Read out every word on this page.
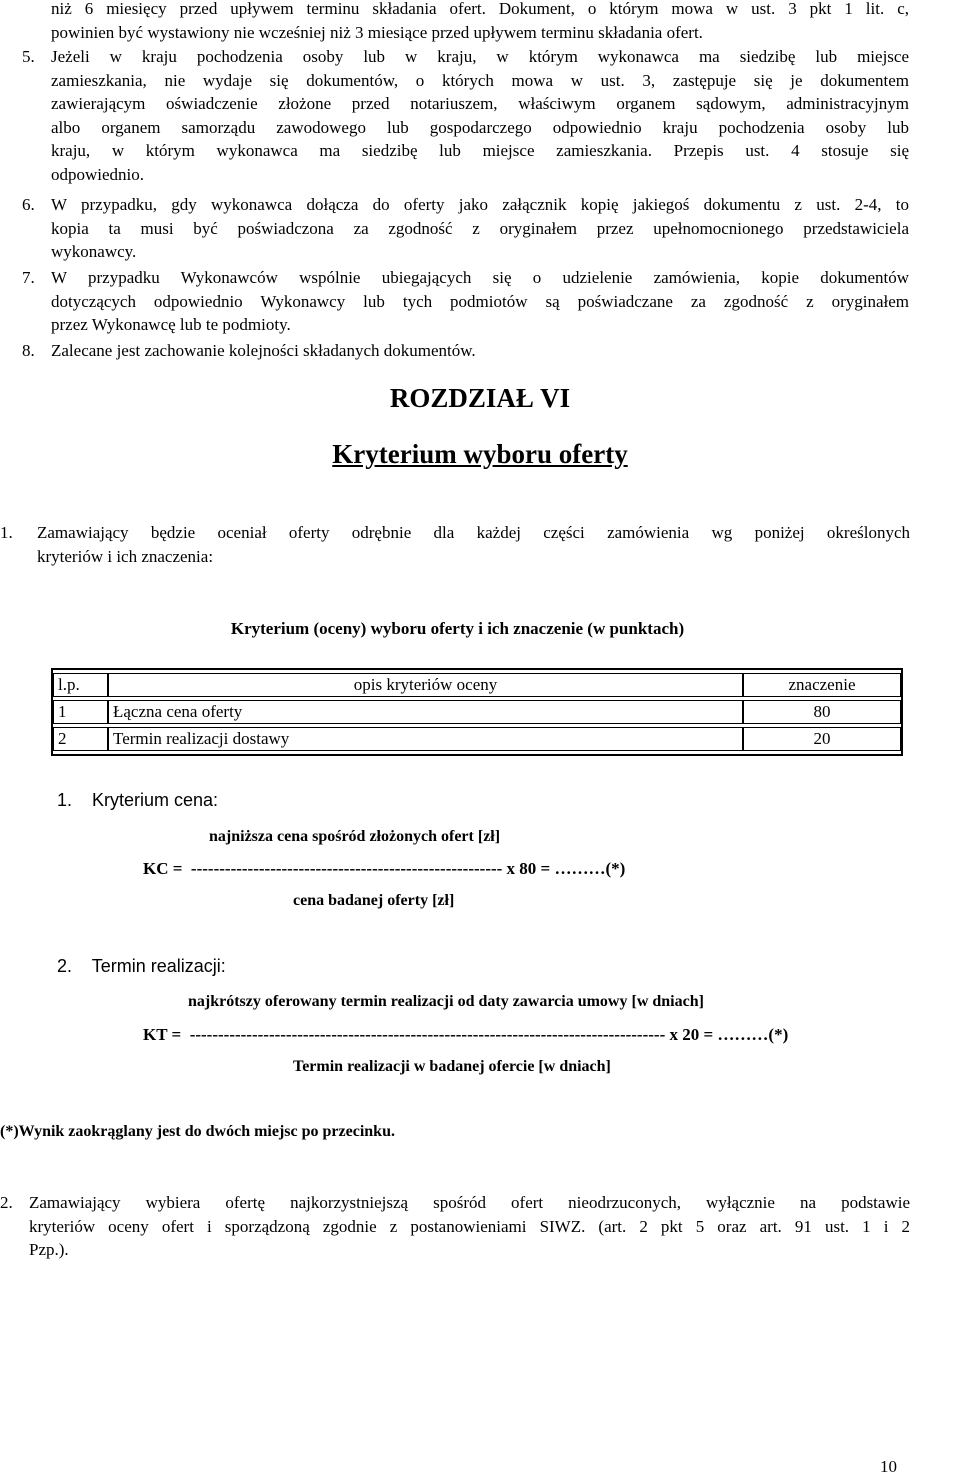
niż 6 miesięcy przed upływem terminu składania ofert. Dokument, o którym mowa w ust. 3 pkt 1 lit. c,
powinien być wystawiony nie wcześniej niż 3 miesiące przed upływem terminu składania ofert.
5. Jeżeli w kraju pochodzenia osoby lub w kraju, w którym wykonawca ma siedzibę lub miejsce
zamieszkania, nie wydaje się dokumentów, o których mowa w ust. 3, zastępuje się je dokumentem
zawierającym oświadczenie złożone przed notariuszem, właściwym organem sądowym, administracyjnym
albo organem samorządu zawodowego lub gospodarczego odpowiednio kraju pochodzenia osoby lub
kraju, w którym wykonawca ma siedzibę lub miejsce zamieszkania. Przepis ust. 4 stosuje się
odpowiednio.
6. W przypadku, gdy wykonawca dołącza do oferty jako załącznik kopię jakiegoś dokumentu z ust. 2-4, to
kopia ta musi być poświadczona za zgodność z oryginałem przez upełnomocnionego przedstawiciela
wykonawcy.
7. W przypadku Wykonawców wspólnie ubiegających się o udzielenie zamówienia, kopie dokumentów
dotyczących odpowiednio Wykonawcy lub tych podmiotów są poświadczane za zgodność z oryginałem
przez Wykonawcę lub te podmioty.
8. Zalecane jest zachowanie kolejności składanych dokumentów.
ROZDZIAŁ VI
Kryterium wyboru oferty
1. Zamawiający będzie oceniał oferty odrębnie dla każdej części zamówienia wg poniżej określonych
kryteriów i ich znaczenia:
Kryterium (oceny) wyboru oferty i ich znaczenie (w punktach)
l.p.	opis kryteriów oceny	znaczenie
1	Łączna cena oferty	80
2	Termin realizacji dostawy	20
1.    Kryterium cena:
najniższa cena spośród złożonych ofert [zł]
KC =  ------------------------------------------------------- x 80 = ………(*)
cena badanej oferty [zł]
2.    Termin realizacji:
najkrótszy oferowany termin realizacji od daty zawarcia umowy [w dniach]
KT =  ------------------------------------------------------------------------------------ x 20 = ………(*)
Termin realizacji w badanej ofercie [w dniach]
(*)Wynik zaokrąglany jest do dwóch miejsc po przecinku.
2. Zamawiający wybiera ofertę najkorzystniejszą spośród ofert nieodrzuconych, wyłącznie na podstawie
kryteriów oceny ofert i sporządzoną zgodnie z postanowieniami SIWZ. (art. 2 pkt 5 oraz art. 91 ust. 1 i 2
Pzp.).
10
